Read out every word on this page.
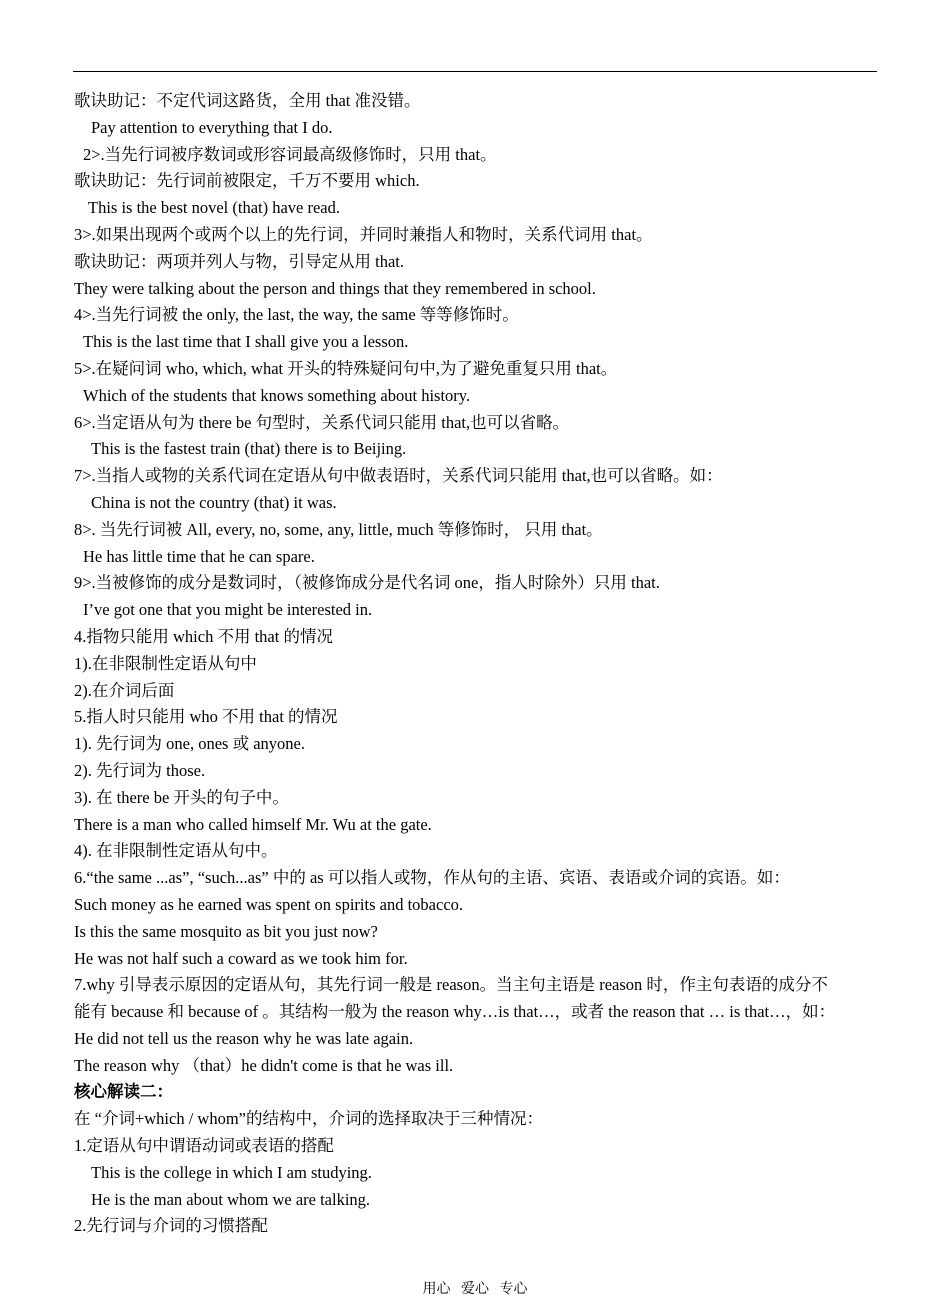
歌诀助记：不定代词这路货，全用 that 准没错。
Pay attention to everything that I do.
2>.当先行词被序数词或形容词最高级修饰时，只用 that。
歌诀助记：先行词前被限定，千万不要用 which.
This is the best novel (that) have read.
3>.如果出现两个或两个以上的先行词，并同时兼指人和物时，关系代词用 that。
歌诀助记：两项并列人与物，引导定从用 that.
They were talking about the person and things that they remembered in school.
4>.当先行词被 the only, the last, the way, the same 等等修饰时。
This is the last time that I shall give you a lesson.
5>.在疑问词 who, which, what 开头的特殊疑问句中,为了避免重复只用 that。
Which of the students that knows something about history.
6>.当定语从句为 there be 句型时，关系代词只能用 that,也可以省略。
This is the fastest train (that) there is to Beijing.
7>.当指人或物的关系代词在定语从句中做表语时，关系代词只能用 that,也可以省略。如：
China is not the country (that) it was.
8>. 当先行词被 All, every, no, some, any, little, much 等修饰时， 只用 that。
He has little time that he can spare.
9>.当被修饰的成分是数词时，（被修饰成分是代名词 one，指人时除外）只用 that.
I’ve got one that you might be interested in.
4.指物只能用 which 不用 that 的情况
1).在非限制性定语从句中
2).在介词后面
5.指人时只能用 who 不用 that 的情况
1). 先行词为 one, ones 或 anyone.
2). 先行词为 those.
3). 在 there be 开头的句子中。
There is a man who called himself Mr. Wu at the gate.
4). 在非限制性定语从句中。
6.“the same ...as”, “such...as” 中的 as 可以指人或物，作从句的主语、宾语、表语或介词的宾语。如：
Such money as he earned was spent on spirits and tobacco.
Is this the same mosquito as bit you just now?
He was not half such a coward as we took him for.
7.why 引导表示原因的定语从句，其先行词一般是 reason。当主句主语是 reason 时，作主句表语的成分不
能有 because 和 because of 。其结构一般为 the reason why…is that…，或者 the reason that … is that…，如：
He did not tell us the reason why he was late again.
The reason why （that）he didn't come is that he was ill.
核心解读二：
在 “介词+which / whom”的结构中，介词的选择取决于三种情况：
1.定语从句中谓语动词或表语的搭配
This is the college in which I am studying.
He is the man about whom we are talking.
2.先行词与介词的习惯搭配
用心   爱心   专心
